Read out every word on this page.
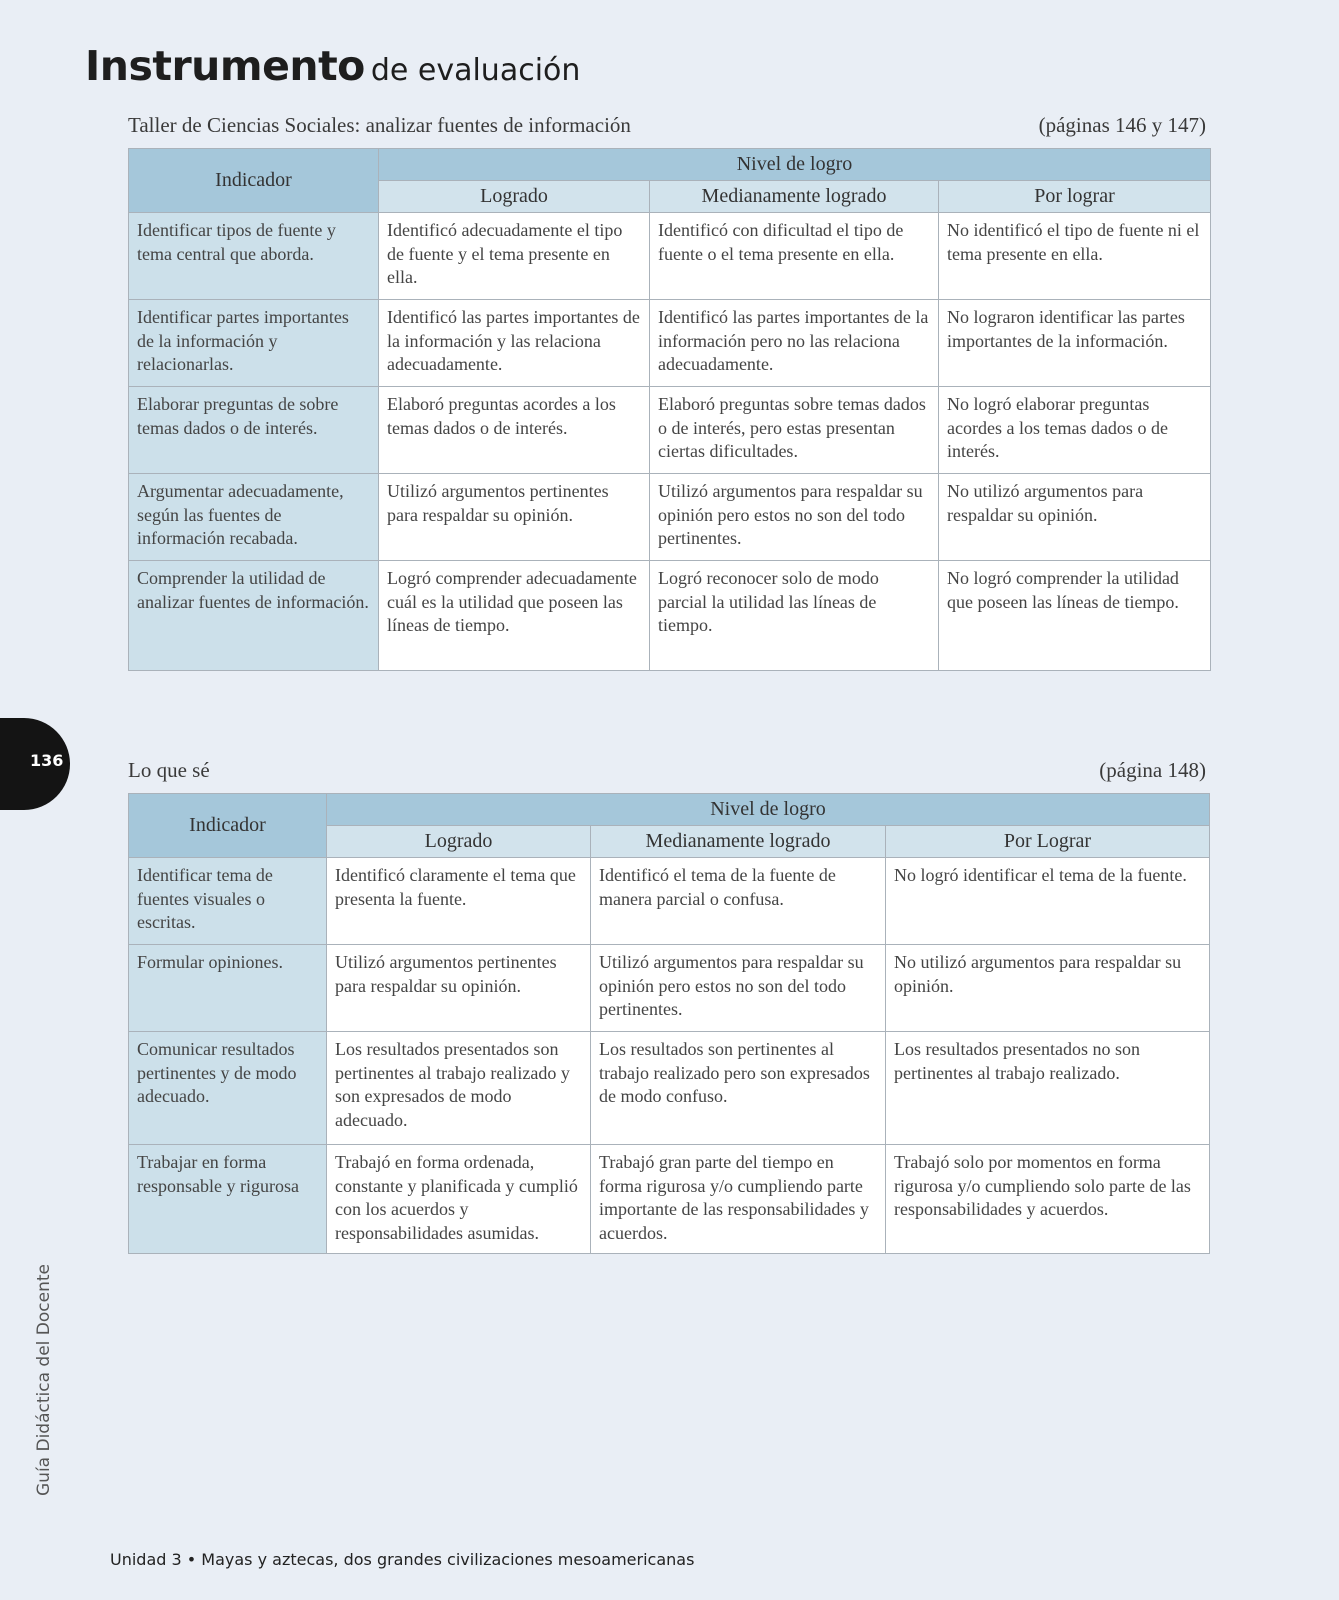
Instrumento de evaluación
Taller de Ciencias Sociales: analizar fuentes de información	(páginas 146 y 147)
Indicador	Nivel de logro		
	Logrado	Medianamente logrado	Por lograr
Identificar tipos de fuente y tema central que aborda.	Identificó adecuadamente el tipo de fuente y el tema presente en ella.	Identificó con dificultad el tipo de fuente o el tema presente en ella.	No identificó el tipo de fuente ni el tema presente en ella.
Identificar partes importantes de la información y relacionarlas.	Identificó las partes importantes de la información y las relaciona adecuadamente.	Identificó las partes importantes de la información pero no las relaciona adecuadamente.	No lograron identificar las partes importantes de la información.
Elaborar preguntas de sobre temas dados o de interés.	Elaboró preguntas acordes a los temas dados o de interés.	Elaboró preguntas sobre temas dados o de interés, pero estas presentan ciertas dificultades.	No logró elaborar preguntas acordes a los temas dados o de interés.
Argumentar adecuadamente, según las fuentes de información recabada.	Utilizó argumentos pertinentes para respaldar su opinión.	Utilizó argumentos para respaldar su opinión pero estos no son del todo pertinentes.	No utilizó argumentos para respaldar su opinión.
Comprender la utilidad de analizar fuentes de información.	Logró comprender adecuadamente cuál es la utilidad que poseen las líneas de tiempo.	Logró reconocer solo de modo parcial la utilidad las líneas de tiempo.	No logró comprender la utilidad que poseen las líneas de tiempo.
136	Lo que sé	(página 148)
Indicador	Nivel de logro		
	Logrado	Medianamente logrado	Por Lograr
Identificar tema de fuentes visuales o escritas.	Identificó claramente el tema que presenta la fuente.	Identificó el tema de la fuente de manera parcial o confusa.	No logró identificar el tema de la fuente.
Formular opiniones.	Utilizó argumentos pertinentes para respaldar su opinión.	Utilizó argumentos para respaldar su opinión pero estos no son del todo pertinentes.	No utilizó argumentos para respaldar su opinión.
Comunicar resultados pertinentes y de modo adecuado.	Los resultados presentados son pertinentes al trabajo realizado y son expresados de modo adecuado.	Los resultados son pertinentes al trabajo realizado pero son expresados de modo confuso.	Los resultados presentados no son pertinentes al trabajo realizado.
Trabajar en forma responsable y rigurosa	Trabajó en forma ordenada, constante y planificada y cumplió con los acuerdos y responsabilidades asumidas.	Trabajó gran parte del tiempo en forma rigurosa y/o cumpliendo parte importante de las responsabilidades y acuerdos.	Trabajó solo por momentos en forma rigurosa y/o cumpliendo solo parte de las responsabilidades y acuerdos.
Guía Didáctica del Docente
Unidad 3 • Mayas y aztecas, dos grandes civilizaciones mesoamericanas
